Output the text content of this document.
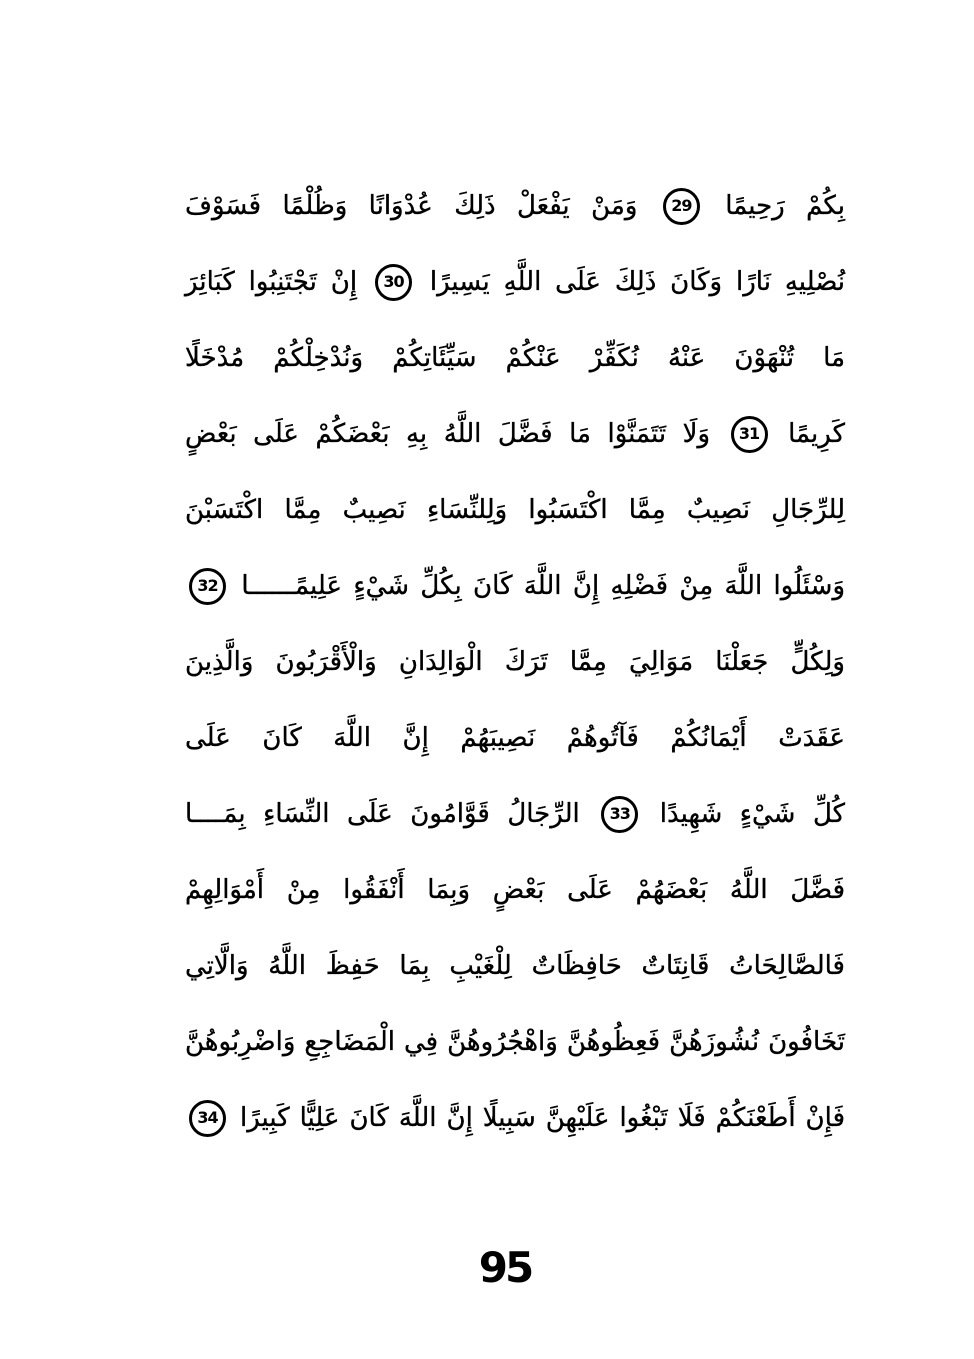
بِكُمْ رَحِيمًا
29
وَمَنْ يَفْعَلْ ذَلِكَ عُدْوَانًا وَظُلْمًا فَسَوْفَ
نُصْلِيهِ نَارًا وَكَانَ ذَلِكَ عَلَى اللَّهِ يَسِيرًا
30
إِنْ تَجْتَنِبُوا كَبَائِرَ
مَا تُنْهَوْنَ عَنْهُ نُكَفِّرْ عَنْكُمْ سَيِّئَاتِكُمْ وَنُدْخِلْكُمْ مُدْخَلًا
كَرِيمًا
31
وَلَا تَتَمَنَّوْا مَا فَضَّلَ اللَّهُ بِهِ بَعْضَكُمْ عَلَى بَعْضٍ
لِلرِّجَالِ نَصِيبٌ مِمَّا اكْتَسَبُوا وَلِلنِّسَاءِ نَصِيبٌ مِمَّا اكْتَسَبْنَ
وَسْئَلُوا اللَّهَ مِنْ فَضْلِهِ إِنَّ اللَّهَ كَانَ بِكُلِّ شَيْءٍ عَلِيمًــــــا
32
وَلِكُلٍّ جَعَلْنَا مَوَالِيَ مِمَّا تَرَكَ الْوَالِدَانِ وَالْأَقْرَبُونَ وَالَّذِينَ
عَقَدَتْ أَيْمَانُكُمْ فَآتُوهُمْ نَصِيبَهُمْ إِنَّ اللَّهَ كَانَ عَلَى
كُلِّ شَيْءٍ شَهِيدًا
33
الرِّجَالُ قَوَّامُونَ عَلَى النِّسَاءِ بِمَــــا
فَضَّلَ اللَّهُ بَعْضَهُمْ عَلَى بَعْضٍ وَبِمَا أَنْفَقُوا مِنْ أَمْوَالِهِمْ
فَالصَّالِحَاتُ قَانِتَاتٌ حَافِظَاتٌ لِلْغَيْبِ بِمَا حَفِظَ اللَّهُ وَالَّاتِي
تَخَافُونَ نُشُوزَهُنَّ فَعِظُوهُنَّ وَاهْجُرُوهُنَّ فِي الْمَضَاجِعِ وَاضْرِبُوهُنَّ
فَإِنْ أَطَعْنَكُمْ فَلَا تَبْغُوا عَلَيْهِنَّ سَبِيلًا إِنَّ اللَّهَ كَانَ عَلِيًّا كَبِيرًا
34
95
